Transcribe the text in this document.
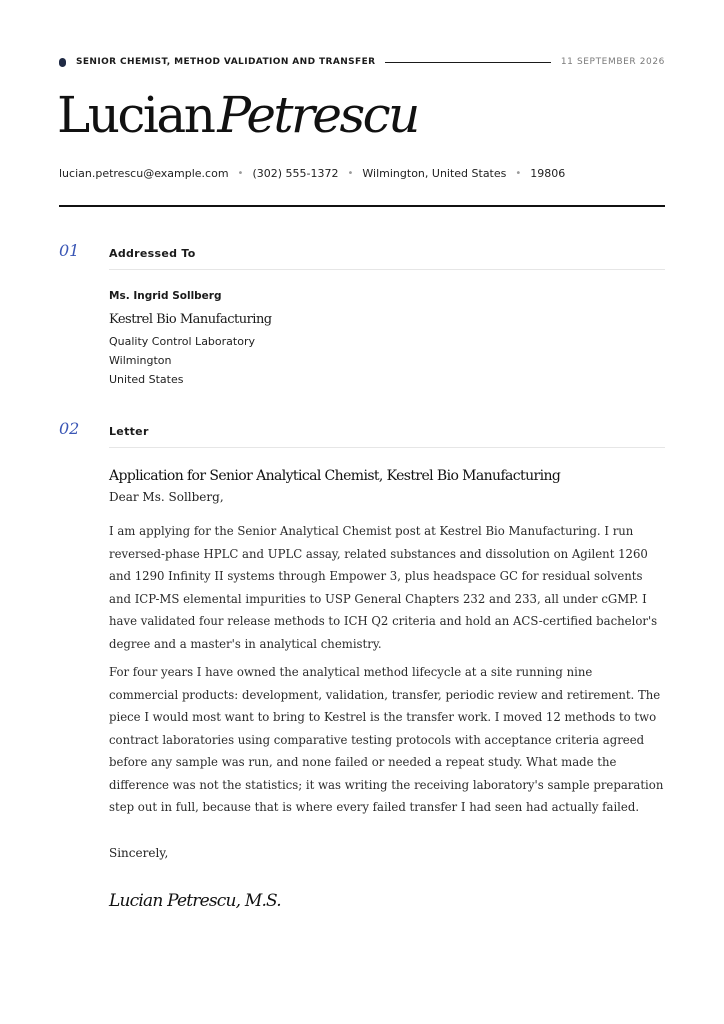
SENIOR CHEMIST, METHOD VALIDATION AND TRANSFER	11 SEPTEMBER 2026
LucianPetrescu
lucian.petrescu@example.com • (302) 555-1372 • Wilmington, United States • 19806
01	Addressed To
Ms. Ingrid Sollberg
Kestrel Bio Manufacturing
Quality Control Laboratory
Wilmington
United States
02	Letter
Application for Senior Analytical Chemist, Kestrel Bio Manufacturing
Dear Ms. Sollberg,

I am applying for the Senior Analytical Chemist post at Kestrel Bio Manufacturing. I run reversed-phase HPLC and UPLC assay, related substances and dissolution on Agilent 1260 and 1290 Infinity II systems through Empower 3, plus headspace GC for residual solvents and ICP-MS elemental impurities to USP General Chapters 232 and 233, all under cGMP. I have validated four release methods to ICH Q2 criteria and hold an ACS-certified bachelor's degree and a master's in analytical chemistry.

For four years I have owned the analytical method lifecycle at a site running nine commercial products: development, validation, transfer, periodic review and retirement. The piece I would most want to bring to Kestrel is the transfer work. I moved 12 methods to two contract laboratories using comparative testing protocols with acceptance criteria agreed before any sample was run, and none failed or needed a repeat study. What made the difference was not the statistics; it was writing the receiving laboratory's sample preparation step out in full, because that is where every failed transfer I had seen had actually failed.

Sincerely,
Lucian Petrescu, M.S.
